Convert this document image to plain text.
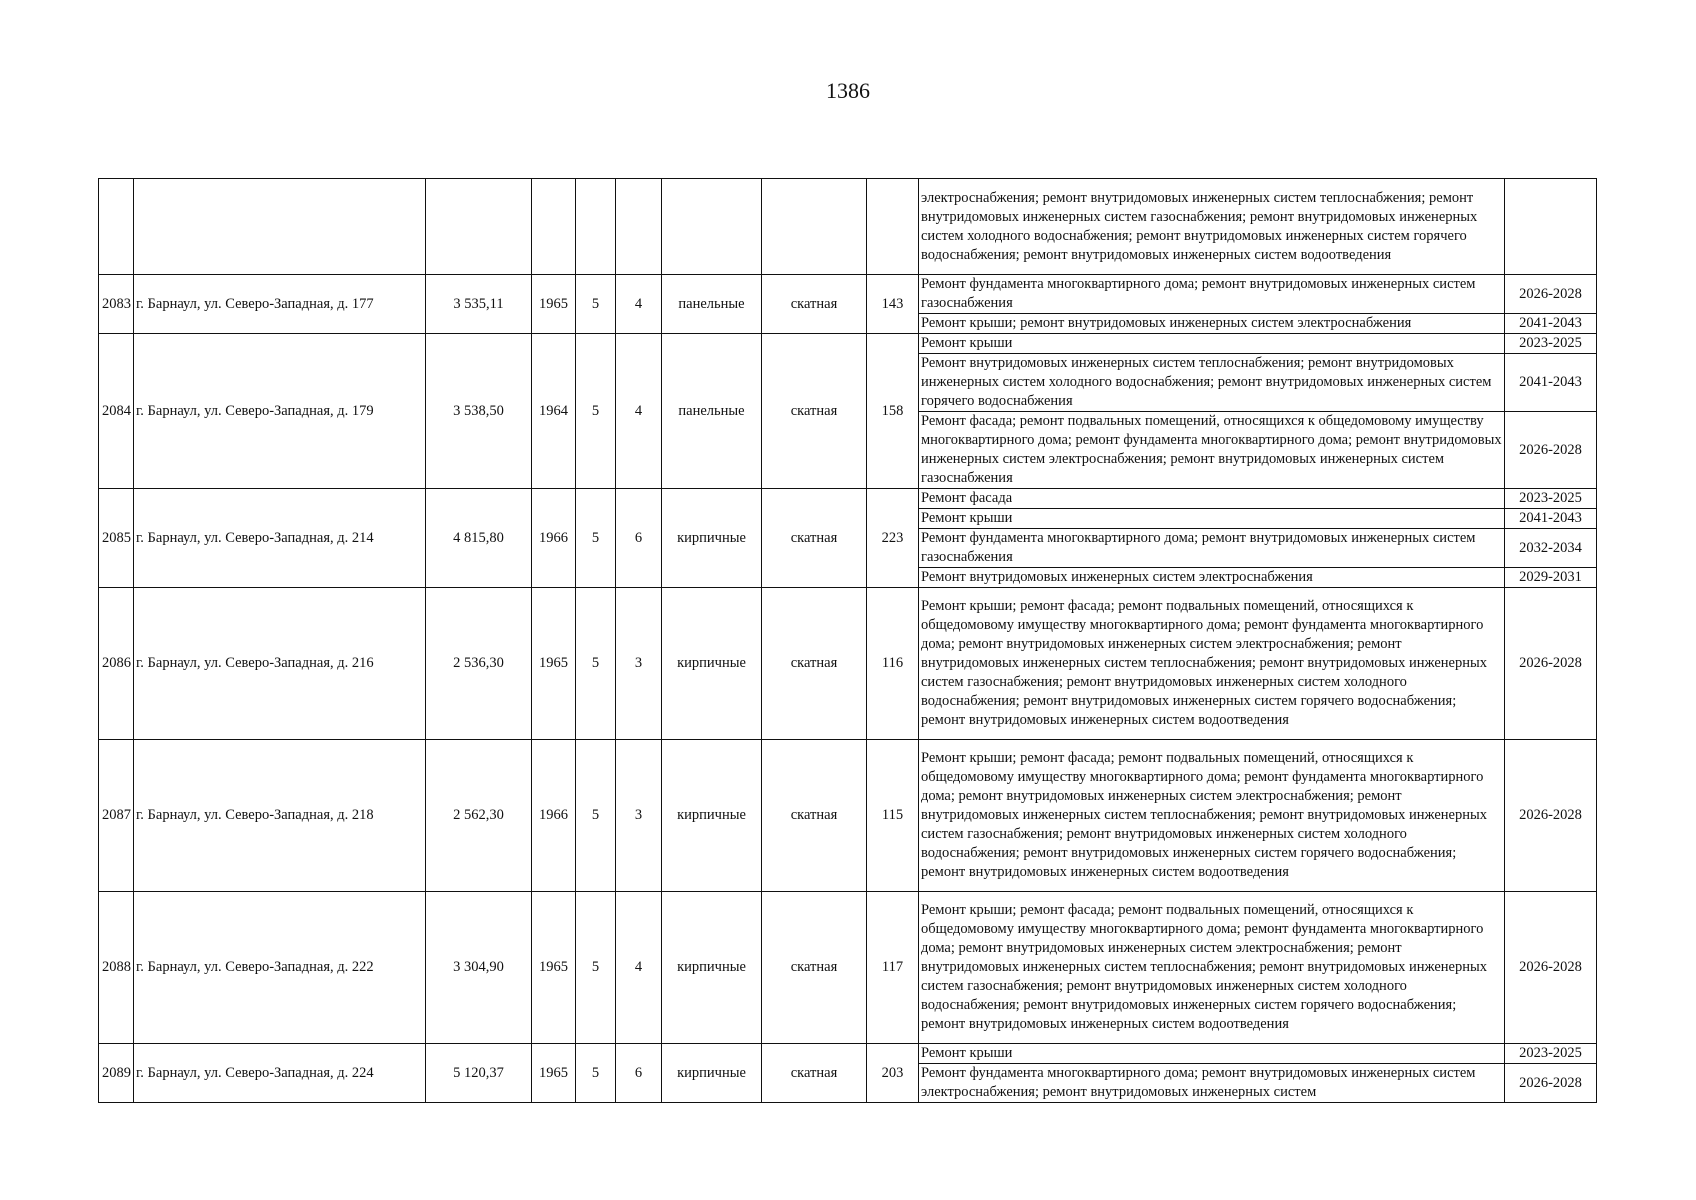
1386
									электроснабжения; ремонт внутридомовых инженерных систем теплоснабжения; ремонт внутридомовых инженерных систем газоснабжения; ремонт внутридомовых инженерных систем холодного водоснабжения; ремонт внутридомовых инженерных систем горячего водоснабжения; ремонт внутридомовых инженерных систем водоотведения	
2083	г. Барнаул, ул. Северо-Западная, д. 177	3 535,11	1965	5	4	панельные	скатная	143	Ремонт фундамента многоквартирного дома; ремонт внутридомовых инженерных систем газоснабжения	2026-2028
									Ремонт крыши; ремонт внутридомовых инженерных систем электроснабжения	2041-2043
2084	г. Барнаул, ул. Северо-Западная, д. 179	3 538,50	1964	5	4	панельные	скатная	158	Ремонт крыши	2023-2025
									Ремонт внутридомовых инженерных систем теплоснабжения; ремонт внутридомовых инженерных систем холодного водоснабжения; ремонт внутридомовых инженерных систем горячего водоснабжения	2041-2043
									Ремонт фасада; ремонт подвальных помещений, относящихся к общедомовому имуществу многоквартирного дома; ремонт фундамента многоквартирного дома; ремонт внутридомовых инженерных систем электроснабжения; ремонт внутридомовых инженерных систем газоснабжения	2026-2028
2085	г. Барнаул, ул. Северо-Западная, д. 214	4 815,80	1966	5	6	кирпичные	скатная	223	Ремонт фасада	2023-2025
									Ремонт крыши	2041-2043
									Ремонт фундамента многоквартирного дома; ремонт внутридомовых инженерных систем газоснабжения	2032-2034
									Ремонт внутридомовых инженерных систем электроснабжения	2029-2031
2086	г. Барнаул, ул. Северо-Западная, д. 216	2 536,30	1965	5	3	кирпичные	скатная	116	Ремонт крыши; ремонт фасада; ремонт подвальных помещений, относящихся к общедомовому имуществу многоквартирного дома; ремонт фундамента многоквартирного дома; ремонт внутридомовых инженерных систем электроснабжения; ремонт внутридомовых инженерных систем теплоснабжения; ремонт внутридомовых инженерных систем газоснабжения; ремонт внутридомовых инженерных систем холодного водоснабжения; ремонт внутридомовых инженерных систем горячего водоснабжения; ремонт внутридомовых инженерных систем водоотведения	2026-2028
2087	г. Барнаул, ул. Северо-Западная, д. 218	2 562,30	1966	5	3	кирпичные	скатная	115	Ремонт крыши; ремонт фасада; ремонт подвальных помещений, относящихся к общедомовому имуществу многоквартирного дома; ремонт фундамента многоквартирного дома; ремонт внутридомовых инженерных систем электроснабжения; ремонт внутридомовых инженерных систем теплоснабжения; ремонт внутридомовых инженерных систем газоснабжения; ремонт внутридомовых инженерных систем холодного водоснабжения; ремонт внутридомовых инженерных систем горячего водоснабжения; ремонт внутридомовых инженерных систем водоотведения	2026-2028
2088	г. Барнаул, ул. Северо-Западная, д. 222	3 304,90	1965	5	4	кирпичные	скатная	117	Ремонт крыши; ремонт фасада; ремонт подвальных помещений, относящихся к общедомовому имуществу многоквартирного дома; ремонт фундамента многоквартирного дома; ремонт внутридомовых инженерных систем электроснабжения; ремонт внутридомовых инженерных систем теплоснабжения; ремонт внутридомовых инженерных систем газоснабжения; ремонт внутридомовых инженерных систем холодного водоснабжения; ремонт внутридомовых инженерных систем горячего водоснабжения; ремонт внутридомовых инженерных систем водоотведения	2026-2028
2089	г. Барнаул, ул. Северо-Западная, д. 224	5 120,37	1965	5	6	кирпичные	скатная	203	Ремонт крыши	2023-2025
									Ремонт фундамента многоквартирного дома; ремонт внутридомовых инженерных систем электроснабжения; ремонт внутридомовых инженерных систем	2026-2028
